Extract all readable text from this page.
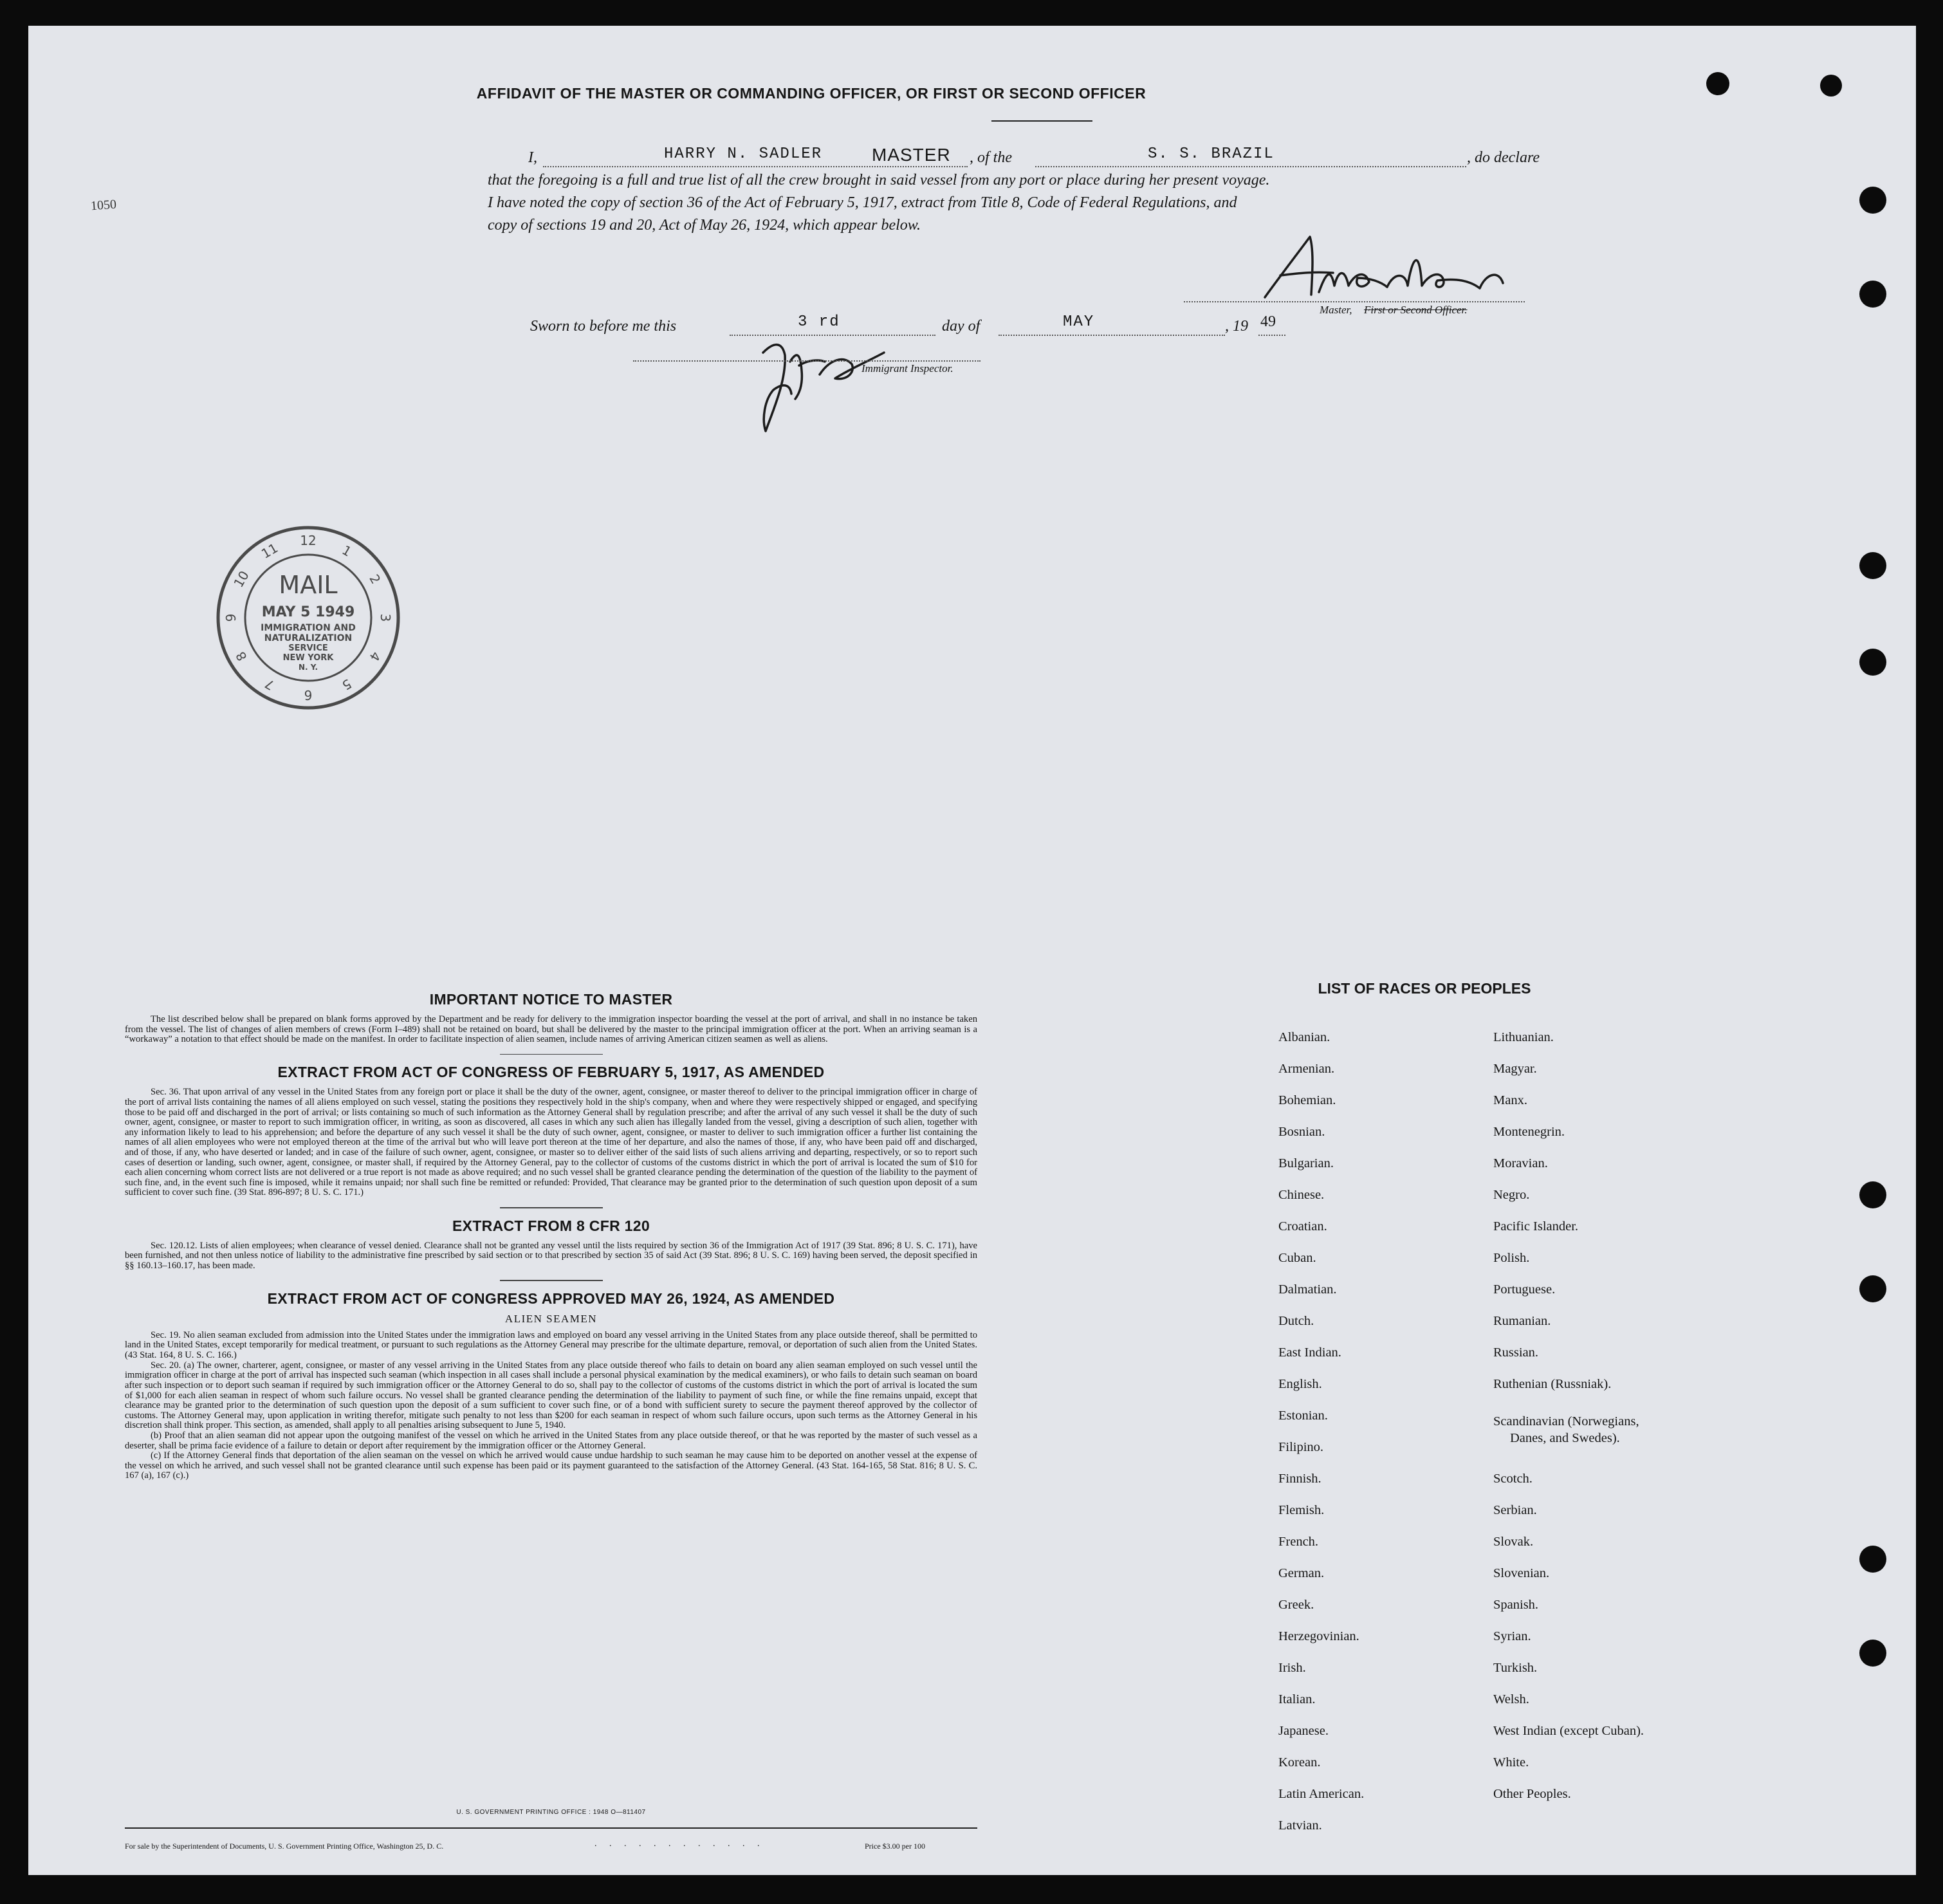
1050
AFFIDAVIT OF THE MASTER OR COMMANDING OFFICER, OR FIRST OR SECOND OFFICER
I,	HARRY N. SADLER	MASTER , of the	S. S. BRAZIL	, do declare
that the foregoing is a full and true list of all the crew brought in said vessel from any port or place during her present voyage.
I have noted the copy of section 36 of the Act of February 5, 1917, extract from Title 8, Code of Federal Regulations, and
copy of sections 19 and 20, Act of May 26, 1924, which appear below.
Master, First or Second Officer.
Sworn to before me this	3 rd	day of	MAY	, 19 49
Immigrant Inspector.
12
1
2
3
4
5
6
7
8
9
10
11
MAIL
MAY 5 1949
IMMIGRATION AND
NATURALIZATION
SERVICE
NEW YORK
N. Y.
IMPORTANT NOTICE TO MASTER

The list described below shall be prepared on blank forms approved by the Department and be ready for delivery to the immigration inspector boarding the vessel at the port of arrival, and shall in no instance be taken from the vessel. The list of changes of alien members of crews (Form I–489) shall not be retained on board, but shall be delivered by the master to the principal immigration officer at the port. When an arriving seaman is a “workaway” a notation to that effect should be made on the manifest. In order to facilitate inspection of alien seamen, include names of arriving American citizen seamen as well as aliens.

EXTRACT FROM ACT OF CONGRESS OF FEBRUARY 5, 1917, AS AMENDED

Sec. 36. That upon arrival of any vessel in the United States from any foreign port or place it shall be the duty of the owner, agent, consignee, or master thereof to deliver to the principal immigration officer in charge of the port of arrival lists containing the names of all aliens employed on such vessel, stating the positions they respectively hold in the ship's company, when and where they were respectively shipped or engaged, and specifying those to be paid off and discharged in the port of arrival; or lists containing so much of such information as the Attorney General shall by regulation prescribe; and after the arrival of any such vessel it shall be the duty of such owner, agent, consignee, or master to report to such immigration officer, in writing, as soon as discovered, all cases in which any such alien has illegally landed from the vessel, giving a description of such alien, together with any information likely to lead to his apprehension; and before the departure of any such vessel it shall be the duty of such owner, agent, consignee, or master to deliver to such immigration officer a further list containing the names of all alien employees who were not employed thereon at the time of the arrival but who will leave port thereon at the time of her departure, and also the names of those, if any, who have been paid off and discharged, and of those, if any, who have deserted or landed; and in case of the failure of such owner, agent, consignee, or master so to deliver either of the said lists of such aliens arriving and departing, respectively, or so to report such cases of desertion or landing, such owner, agent, consignee, or master shall, if required by the Attorney General, pay to the collector of customs of the customs district in which the port of arrival is located the sum of $10 for each alien concerning whom correct lists are not delivered or a true report is not made as above required; and no such vessel shall be granted clearance pending the determination of the question of the liability to the payment of such fine, and, in the event such fine is imposed, while it remains unpaid; nor shall such fine be remitted or refunded: Provided, That clearance may be granted prior to the determination of such question upon deposit of a sum sufficient to cover such fine. (39 Stat. 896-897; 8 U. S. C. 171.)

EXTRACT FROM 8 CFR 120

Sec. 120.12. Lists of alien employees; when clearance of vessel denied. Clearance shall not be granted any vessel until the lists required by section 36 of the Immigration Act of 1917 (39 Stat. 896; 8 U. S. C. 171), have been furnished, and not then unless notice of liability to the administrative fine prescribed by said section or to that prescribed by section 35 of said Act (39 Stat. 896; 8 U. S. C. 169) having been served, the deposit specified in §§ 160.13–160.17, has been made.

EXTRACT FROM ACT OF CONGRESS APPROVED MAY 26, 1924, AS AMENDED
ALIEN SEAMEN

Sec. 19. No alien seaman excluded from admission into the United States under the immigration laws and employed on board any vessel arriving in the United States from any place outside thereof, shall be permitted to land in the United States, except temporarily for medical treatment, or pursuant to such regulations as the Attorney General may prescribe for the ultimate departure, removal, or deportation of such alien from the United States. (43 Stat. 164, 8 U. S. C. 166.)

Sec. 20. (a) The owner, charterer, agent, consignee, or master of any vessel arriving in the United States from any place outside thereof who fails to detain on board any alien seaman employed on such vessel until the immigration officer in charge at the port of arrival has inspected such seaman (which inspection in all cases shall include a personal physical examination by the medical examiners), or who fails to detain such seaman on board after such inspection or to deport such seaman if required by such immigration officer or the Attorney General to do so, shall pay to the collector of customs of the customs district in which the port of arrival is located the sum of $1,000 for each alien seaman in respect of whom such failure occurs. No vessel shall be granted clearance pending the determination of the liability to payment of such fine, or while the fine remains unpaid, except that clearance may be granted prior to the determination of such question upon the deposit of a sum sufficient to cover such fine, or of a bond with sufficient surety to secure the payment thereof approved by the collector of customs. The Attorney General may, upon application in writing therefor, mitigate such penalty to not less than $200 for each seaman in respect of whom such failure occurs, upon such terms as the Attorney General in his discretion shall think proper. This section, as amended, shall apply to all penalties arising subsequent to June 5, 1940.

(b) Proof that an alien seaman did not appear upon the outgoing manifest of the vessel on which he arrived in the United States from any place outside thereof, or that he was reported by the master of such vessel as a deserter, shall be prima facie evidence of a failure to detain or deport after requirement by the immigration officer or the Attorney General.

(c) If the Attorney General finds that deportation of the alien seaman on the vessel on which he arrived would cause undue hardship to such seaman he may cause him to be deported on another vessel at the expense of the vessel on which he arrived, and such vessel shall not be granted clearance until such expense has been paid or its payment guaranteed to the satisfaction of the Attorney General. (43 Stat. 164-165, 58 Stat. 816; 8 U. S. C. 167 (a), 167 (c).)

LIST OF RACES OR PEOPLES
Albanian.
Armenian.
Bohemian.
Bosnian.
Bulgarian.
Chinese.
Croatian.
Cuban.
Dalmatian.
Dutch.
East Indian.
English.
Estonian.
Filipino.
Finnish.
Flemish.
French.
German.
Greek.
Herzegovinian.
Irish.
Italian.
Japanese.
Korean.
Latin American.
Latvian.
Lithuanian.
Magyar.
Manx.
Montenegrin.
Moravian.
Negro.
Pacific Islander.
Polish.
Portuguese.
Rumanian.
Russian.
Ruthenian (Russniak).
Scandinavian (Norwegians,
Danes, and Swedes).
Scotch.
Serbian.
Slovak.
Slovenian.
Spanish.
Syrian.
Turkish.
Welsh.
West Indian (except Cuban).
White.
Other Peoples.
U. S. GOVERNMENT PRINTING OFFICE : 1948 O—811407
For sale by the Superintendent of Documents, U. S. Government Printing Office, Washington 25, D. C.	. . . . . . . . . . . .	Price $3.00 per 100
